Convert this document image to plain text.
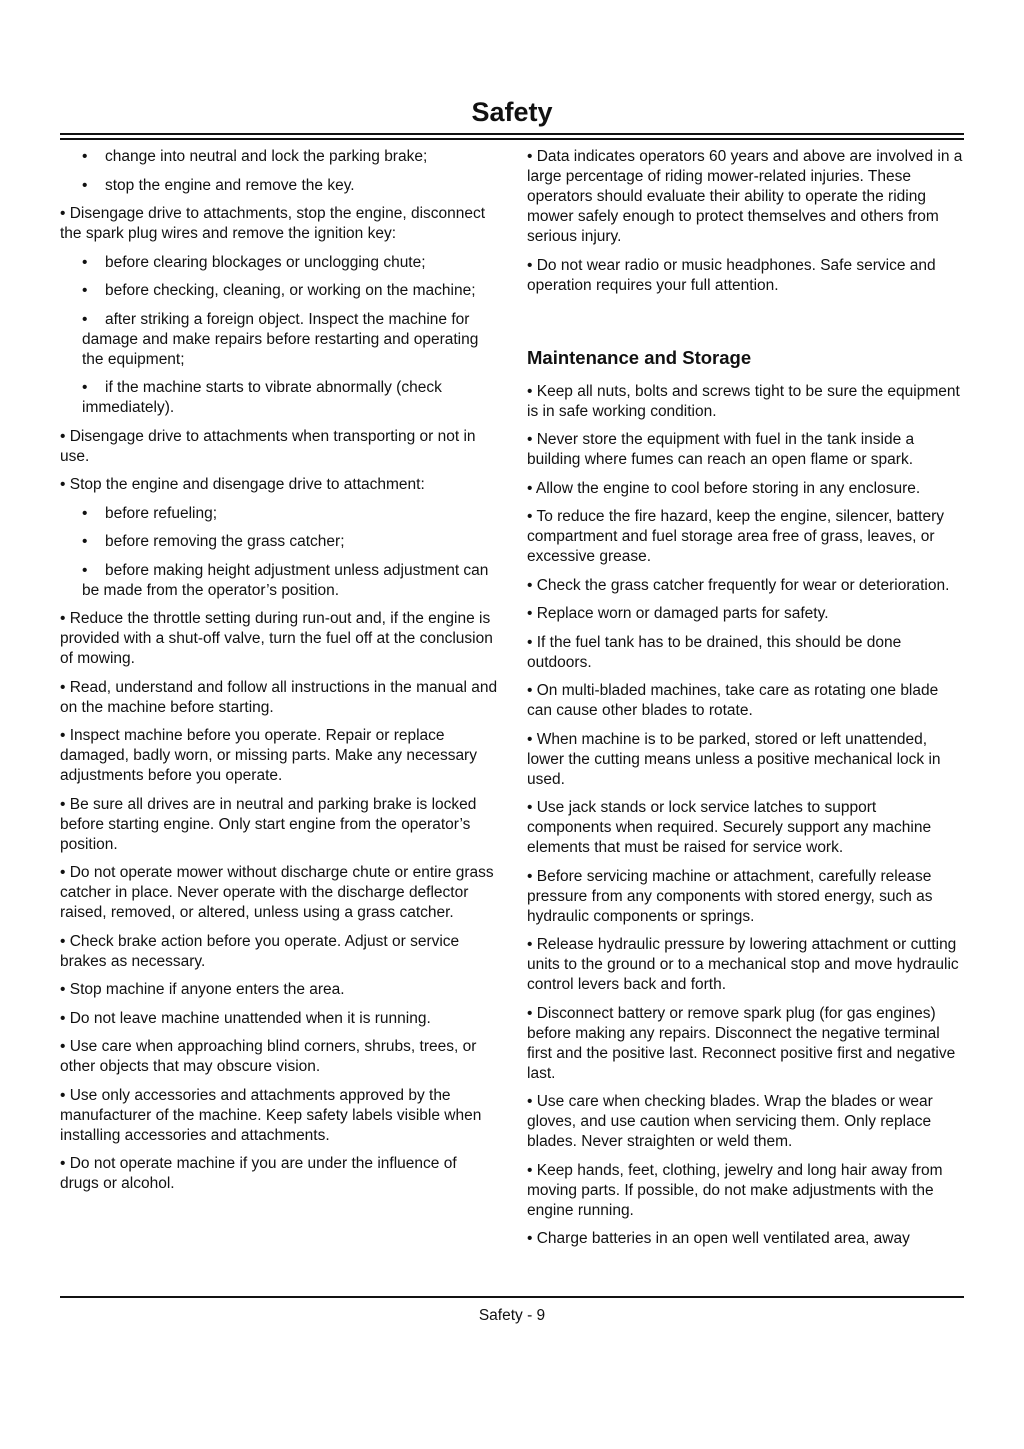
Safety

• change into neutral and lock the parking brake;

• stop the engine and remove the key.

• Disengage drive to attachments, stop the engine, disconnect the spark plug wires and remove the ignition key:

• before clearing blockages or unclogging chute;

• before checking, cleaning, or working on the machine;

• after striking a foreign object. Inspect the machine for damage and make repairs before restarting and operating the equipment;

• if the machine starts to vibrate abnormally (check immediately).

• Disengage drive to attachments when transporting or not in use.

• Stop the engine and disengage drive to attachment:

• before refueling;

• before removing the grass catcher;

• before making height adjustment unless adjustment can be made from the operator’s position.

• Reduce the throttle setting during run-out and, if the engine is provided with a shut-off valve, turn the fuel off at the conclusion of mowing.

• Read, understand and follow all instructions in the manual and on the machine before starting.

• Inspect machine before you operate. Repair or replace damaged, badly worn, or missing parts. Make any necessary adjustments before you operate.

• Be sure all drives are in neutral and parking brake is locked before starting engine. Only start engine from the operator’s position.

• Do not operate mower without discharge chute or entire grass catcher in place. Never operate with the discharge deflector raised, removed, or altered, unless using a grass catcher.

• Check brake action before you operate. Adjust or service brakes as necessary.

• Stop machine if anyone enters the area.

• Do not leave machine unattended when it is running.

• Use care when approaching blind corners, shrubs, trees, or other objects that may obscure vision.

• Use only accessories and attachments approved by the manufacturer of the machine. Keep safety labels visible when installing accessories and attachments.

• Do not operate machine if you are under the influence of drugs or alcohol.

• Data indicates operators 60 years and above are involved in a large percentage of riding mower-related injuries. These operators should evaluate their ability to operate the riding mower safely enough to protect themselves and others from serious injury.

• Do not wear radio or music headphones. Safe service and operation requires your full attention.

Maintenance and Storage

• Keep all nuts, bolts and screws tight to be sure the equipment is in safe working condition.

• Never store the equipment with fuel in the tank inside a building where fumes can reach an open flame or spark.

• Allow the engine to cool before storing in any enclosure.

• To reduce the fire hazard, keep the engine, silencer, battery compartment and fuel storage area free of grass, leaves, or excessive grease.

• Check the grass catcher frequently for wear or deterioration.

• Replace worn or damaged parts for safety.

• If the fuel tank has to be drained, this should be done outdoors.

• On multi-bladed machines, take care as rotating one blade can cause other blades to rotate.

• When machine is to be parked, stored or left unattended, lower the cutting means unless a positive mechanical lock in used.

• Use jack stands or lock service latches to support components when required. Securely support any machine elements that must be raised for service work.

• Before servicing machine or attachment, carefully release pressure from any components with stored energy, such as hydraulic components or springs.

• Release hydraulic pressure by lowering attachment or cutting units to the ground or to a mechanical stop and move hydraulic control levers back and forth.

• Disconnect battery or remove spark plug (for gas engines) before making any repairs. Disconnect the negative terminal first and the positive last. Reconnect positive first and negative last.

• Use care when checking blades. Wrap the blades or wear gloves, and use caution when servicing them. Only replace blades. Never straighten or weld them.

• Keep hands, feet, clothing, jewelry and long hair away from moving parts. If possible, do not make adjustments with the engine running.

• Charge batteries in an open well ventilated area, away

Safety - 9
